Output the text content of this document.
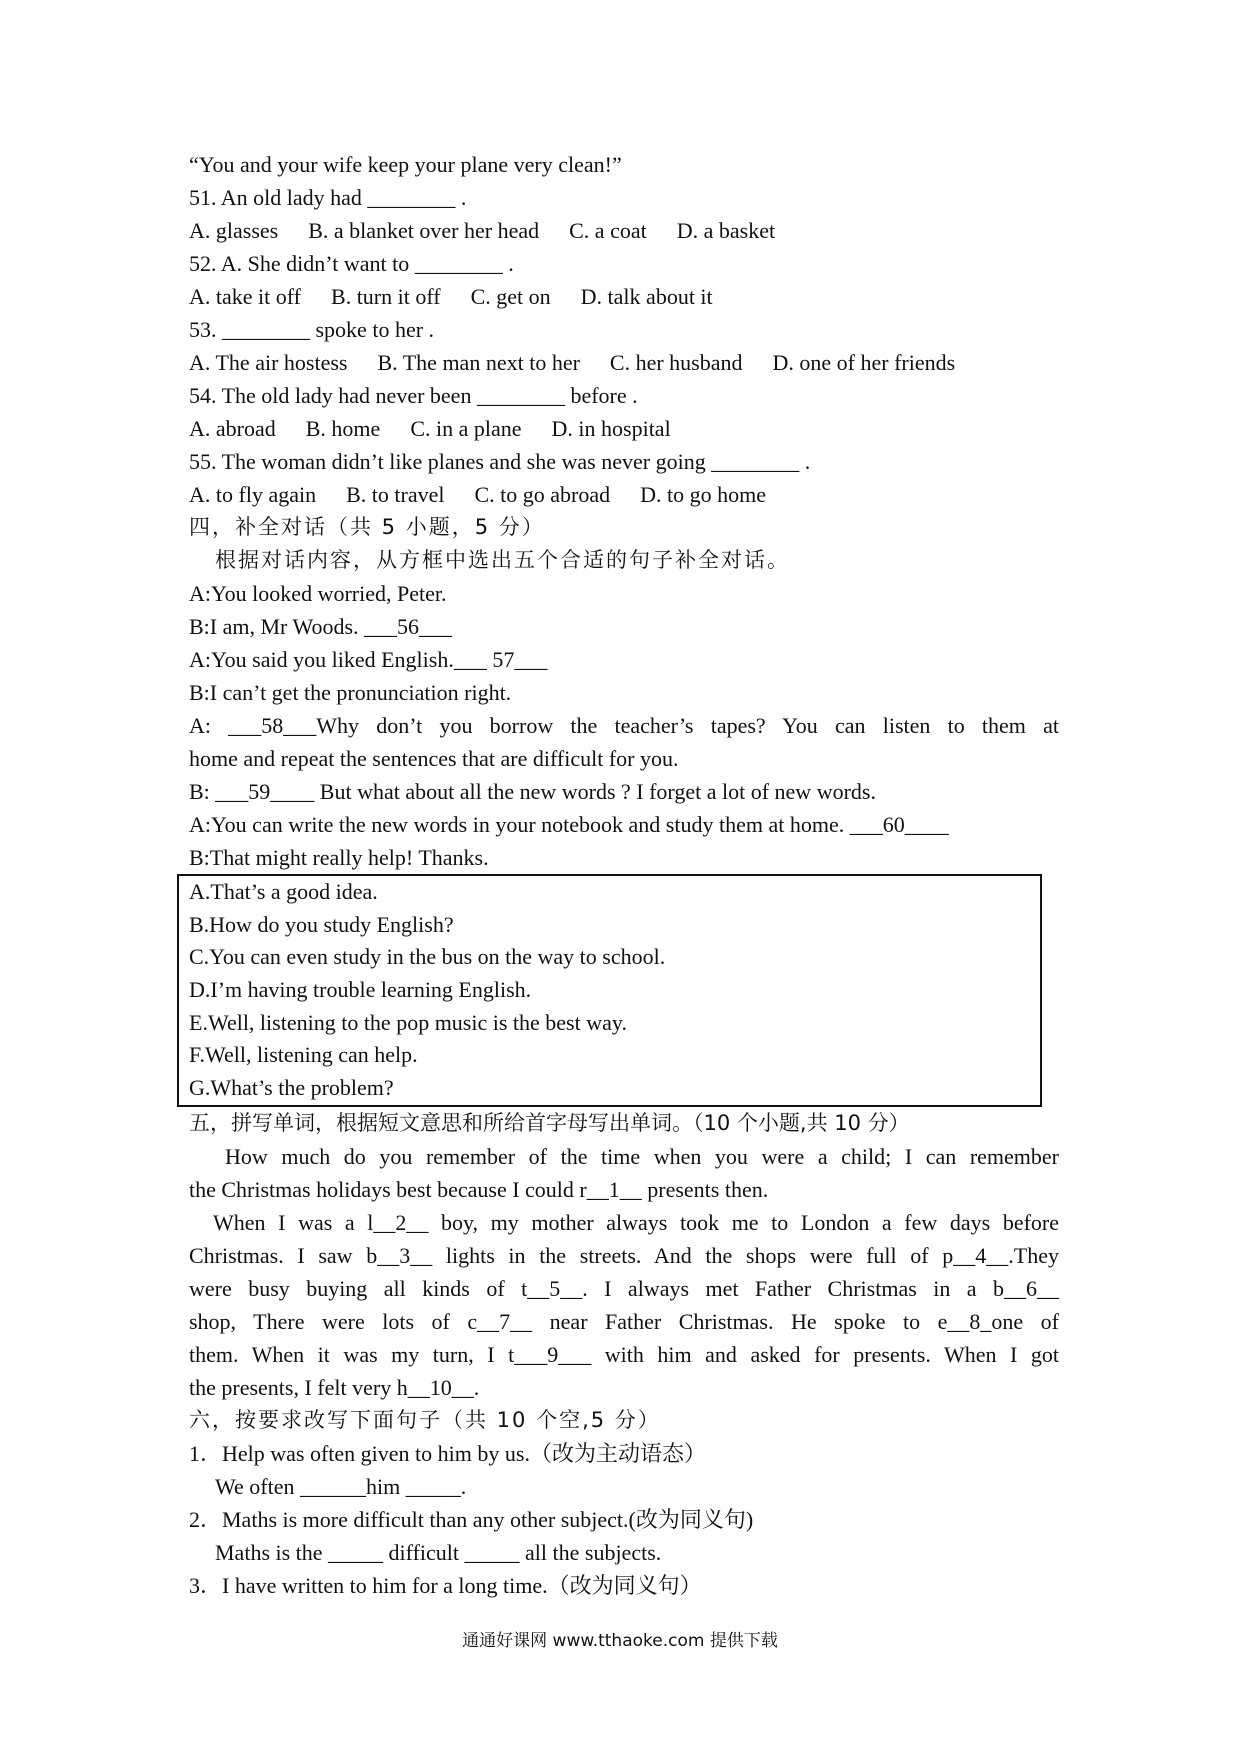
“You and your wife keep your plane very clean!”
51. An old lady had ________ .
A. glasses B. a blanket over her head C. a coat D. a basket
52. A. She didn’t want to ________ .
A. take it off B. turn it off C. get on D. talk about it
53. ________ spoke to her .
A. The air hostess B. The man next to her C. her husband D. one of her friends
54. The old lady had never been ________ before .
A. abroad B. home C. in a plane D. in hospital
55. The woman didn’t like planes and she was never going ________ .
A. to fly again B. to travel C. to go abroad D. to go home
四，补全对话（共 5 小题，5 分）
根据对话内容，从方框中选出五个合适的句子补全对话。
A:You looked worried, Peter.
B:I am, Mr Woods. ___56___
A:You said you liked English.___ 57___
B:I can’t get the pronunciation right.
A: ___58___Why don’t you borrow the teacher’s tapes? You can listen to them at
home and repeat the sentences that are difficult for you.
B: ___59____ But what about all the new words ? I forget a lot of new words.
A:You can write the new words in your notebook and study them at home. ___60____
B:That might really help! Thanks.
A.That’s a good idea.
B.How do you study English?
C.You can even study in the bus on the way to school.
D.I’m having trouble learning English.
E.Well, listening to the pop music is the best way.
F.Well, listening can help.
G.What’s the problem?
五，拼写单词，根据短文意思和所给首字母写出单词。（10 个小题,共 10 分）
How much do you remember of the time when you were a child; I can remember
the Christmas holidays best because I could r__1__ presents then.
When I was a l__2__ boy, my mother always took me to London a few days before
Christmas. I saw b__3__ lights in the streets. And the shops were full of p__4__.They
were busy buying all kinds of t__5__. I always met Father Christmas in a b__6__
shop, There were lots of c__7__ near Father Christmas. He spoke to e__8_one of
them. When it was my turn, I t___9___ with him and asked for presents. When I got
the presents, I felt very h__10__.
六，按要求改写下面句子（共 10 个空,5 分）
1．Help was often given to him by us.（改为主动语态）
We often ______him _____.
2．Maths is more difficult than any other subject.(改为同义句)
Maths is the _____ difficult _____ all the subjects.
3．I have written to him for a long time.（改为同义句）
通通好课网 www.tthaoke.com 提供下载
